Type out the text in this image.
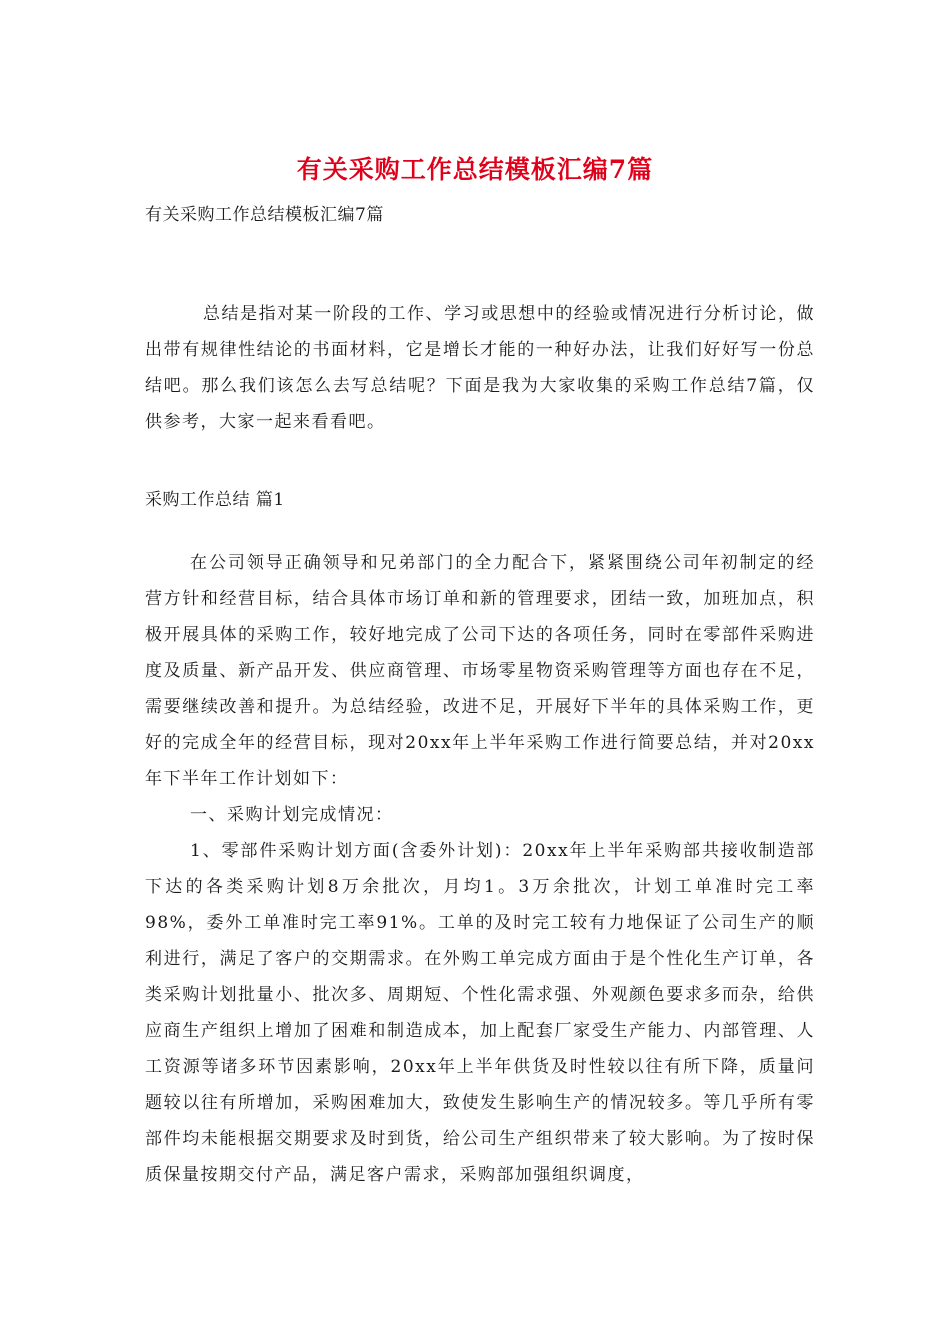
有关采购工作总结模板汇编7篇
有关采购工作总结模板汇编7篇

总结是指对某一阶段的工作、学习或思想中的经验或情况进行分析讨论，做出带有规律性结论的书面材料，它是增长才能的一种好办法，让我们好好写一份总结吧。那么我们该怎么去写总结呢？下面是我为大家收集的采购工作总结7篇，仅供参考，大家一起来看看吧。

采购工作总结 篇1

在公司领导正确领导和兄弟部门的全力配合下，紧紧围绕公司年初制定的经营方针和经营目标，结合具体市场订单和新的管理要求，团结一致，加班加点，积极开展具体的采购工作，较好地完成了公司下达的各项任务，同时在零部件采购进度及质量、新产品开发、供应商管理、市场零星物资采购管理等方面也存在不足，需要继续改善和提升。为总结经验，改进不足，开展好下半年的具体采购工作，更好的完成全年的经营目标，现对20xx年上半年采购工作进行简要总结，并对20xx年下半年工作计划如下：

一、采购计划完成情况：

1、零部件采购计划方面(含委外计划)：20xx年上半年采购部共接收制造部下达的各类采购计划8万余批次，月均1。3万余批次，计划工单准时完工率98%，委外工单准时完工率91%。工单的及时完工较有力地保证了公司生产的顺利进行，满足了客户的交期需求。在外购工单完成方面由于是个性化生产订单，各类采购计划批量小、批次多、周期短、个性化需求强、外观颜色要求多而杂，给供应商生产组织上增加了困难和制造成本，加上配套厂家受生产能力、内部管理、人工资源等诸多环节因素影响，20xx年上半年供货及时性较以往有所下降，质量问题较以往有所增加，采购困难加大，致使发生影响生产的情况较多。等几乎所有零部件均未能根据交期要求及时到货，给公司生产组织带来了较大影响。为了按时保质保量按期交付产品，满足客户需求，采购部加强组织调度，
